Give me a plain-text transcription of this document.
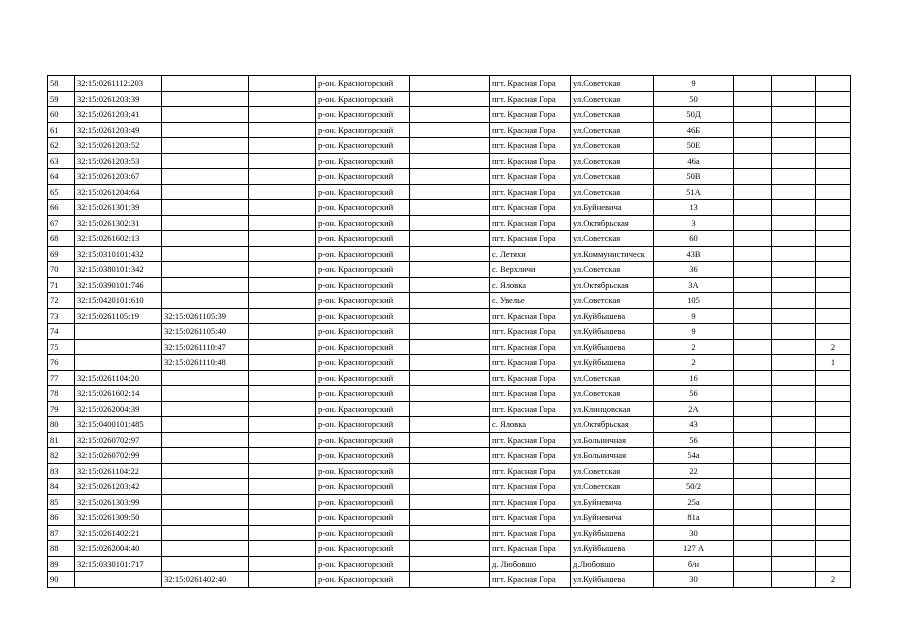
58	32:15:0261112:203			р-он. Красногорский		пгт. Красная Гора	ул.Советская	9			
59	32:15:0261203:39			р-он. Красногорский		пгт. Красная Гора	ул.Советская	50			
60	32:15:0261203:41			р-он. Красногорский		пгт. Красная Гора	ул.Советская	50Д			
61	32:15:0261203:49			р-он. Красногорский		пгт. Красная Гора	ул.Советская	46Б			
62	32:15:0261203:52			р-он. Красногорский		пгт. Красная Гора	ул.Советская	50Е			
63	32:15:0261203:53			р-он. Красногорский		пгт. Красная Гора	ул.Советская	46а			
64	32:15:0261203:67			р-он. Красногорский		пгт. Красная Гора	ул.Советская	50В			
65	32:15:0261204:64			р-он. Красногорский		пгт. Красная Гора	ул.Советская	51А			
66	32:15:0261301:39			р-он. Красногорский		пгт. Красная Гора	ул.Буйневича	13			
67	32:15:0261302:31			р-он. Красногорский		пгт. Красная Гора	ул.Октябрьская	3			
68	32:15:0261602:13			р-он. Красногорский		пгт. Красная Гора	ул.Советская	60			
69	32:15:0310101:432			р-он. Красногорский		с. Летяхи	ул.Коммунистическ	43В			
70	32:15:0380101:342			р-он. Красногорский		с. Верхличи	ул.Советская	36			
71	32:15:0390101:746			р-он. Красногорский		с. Яловка	ул.Октябрьская	3А			
72	32:15:0420101:610			р-он. Красногорский		с. Увелье	ул.Советская	105			
73	32:15:0261105:19	32:15:0261105:39		р-он. Красногорский		пгт. Красная Гора	ул.Куйбышева	9			
74		32:15:0261105:40		р-он. Красногорский		пгт. Красная Гора	ул.Куйбышева	9			
75		32:15:0261110:47		р-он. Красногорский		пгт. Красная Гора	ул.Куйбышева	2			2
76		32:15:0261110:48		р-он. Красногорский		пгт. Красная Гора	ул.Куйбышева	2			1
77	32:15:0261104:20			р-он. Красногорский		пгт. Красная Гора	ул.Советская	16			
78	32:15:0261602:14			р-он. Красногорский		пгт. Красная Гора	ул.Советская	56			
79	32:15:0262004:39			р-он. Красногорский		пгт. Красная Гора	ул.Клинцовская	2А			
80	32:15:0400101:485			р-он. Красногорский		с. Яловка	ул.Октябрьская	43			
81	32:15:0260702:97			р-он. Красногорский		пгт. Красная Гора	ул.Больничная	56			
82	32:15:0260702:99			р-он. Красногорский		пгт. Красная Гора	ул.Больничная	54а			
83	32:15:0261104:22			р-он. Красногорский		пгт. Красная Гора	ул.Советская	22			
84	32:15:0261203:42			р-он. Красногорский		пгт. Красная Гора	ул.Советская	50/2			
85	32:15:0261303:99			р-он. Красногорский		пгт. Красная Гора	ул.Буйневича	25а			
86	32:15:0261309:50			р-он. Красногорский		пгт. Красная Гора	ул.Буйневича	81а			
87	32:15:0261402:21			р-он. Красногорский		пгт. Красная Гора	ул.Куйбышева	30			
88	32:15:0262004:40			р-он. Красногорский		пгт. Красная Гора	ул.Куйбышева	127 А			
89	32:15:0330101:717			р-он. Красногорский		д. Любовшо	д.Любовшо	б/н			
90		32:15:0261402:40		р-он. Красногорский		пгт. Красная Гора	ул.Куйбышева	30			2
